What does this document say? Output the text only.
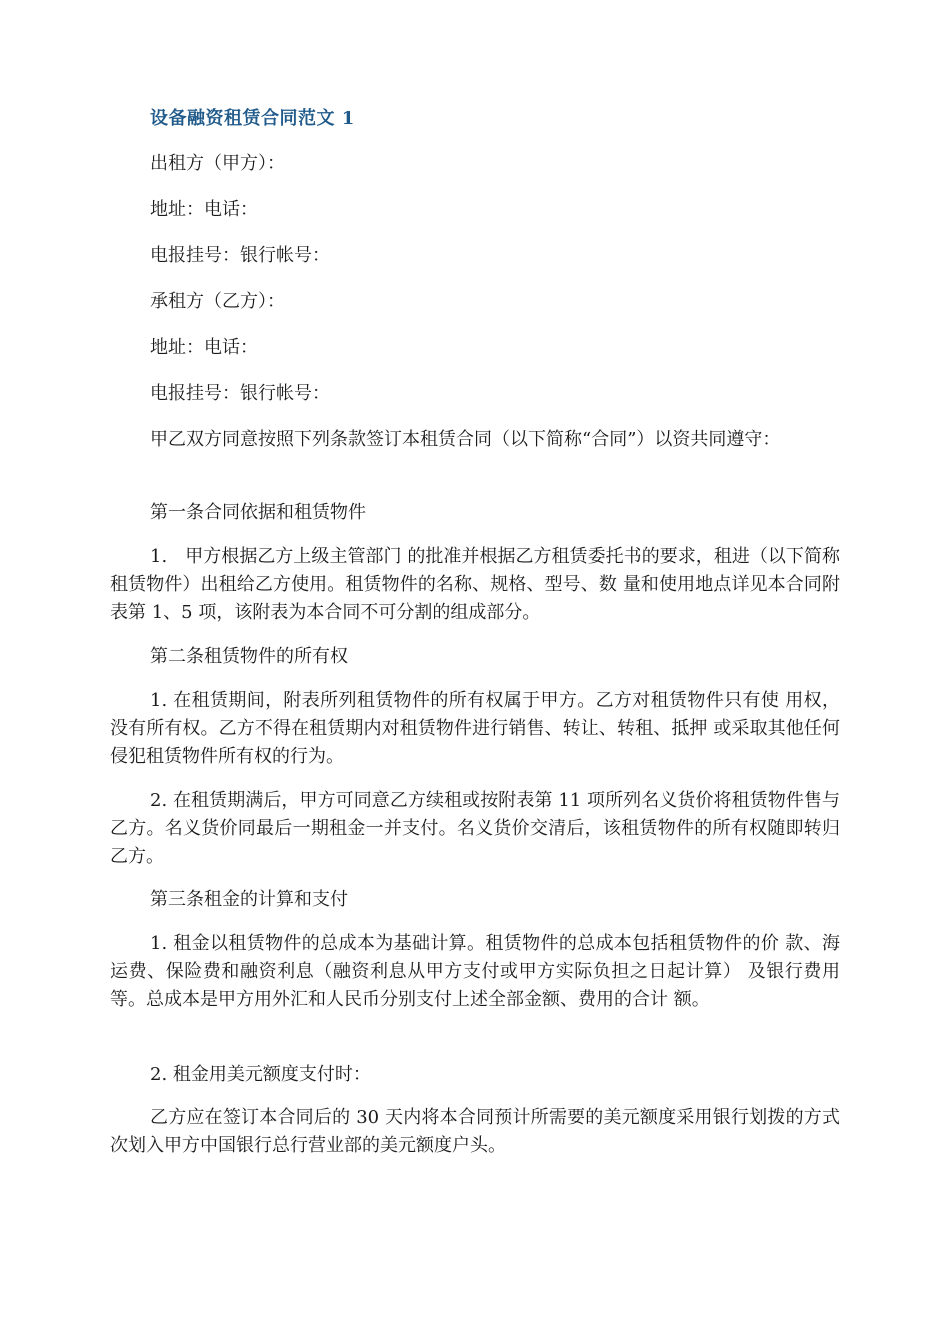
设备融资租赁合同范文 1
出租方（甲方）：
地址：电话：
电报挂号：银行帐号：
承租方（乙方）：
地址：电话：
电报挂号：银行帐号：
甲乙双方同意按照下列条款签订本租赁合同（以下简称“合同”）以资共同遵守：
第一条合同依据和租赁物件
1.　甲方根据乙方上级主管部门 的批准并根据乙方租赁委托书的要求，租进（以下简称租赁物件）出租给乙方使用。租赁物件的名称、规格、型号、数 量和使用地点详见本合同附表第 1、5 项，该附表为本合同不可分割的组成部分。
第二条租赁物件的所有权
1. 在租赁期间，附表所列租赁物件的所有权属于甲方。乙方对租赁物件只有使 用权，没有所有权。乙方不得在租赁期内对租赁物件进行销售、转让、转租、抵押 或采取其他任何侵犯租赁物件所有权的行为。
2. 在租赁期满后，甲方可同意乙方续租或按附表第 11 项所列名义货价将租赁物件售与乙方。名义货价同最后一期租金一并支付。名义货价交清后，该租赁物件的所有权随即转归乙方。
第三条租金的计算和支付
1. 租金以租赁物件的总成本为基础计算。租赁物件的总成本包括租赁物件的价 款、海运费、保险费和融资利息（融资利息从甲方支付或甲方实际负担之日起计算） 及银行费用等。总成本是甲方用外汇和人民币分别支付上述全部金额、费用的合计 额。
2. 租金用美元额度支付时：
乙方应在签订本合同后的 30 天内将本合同预计所需要的美元额度采用银行划拨的方式 次划入甲方中国银行总行营业部的美元额度户头。
